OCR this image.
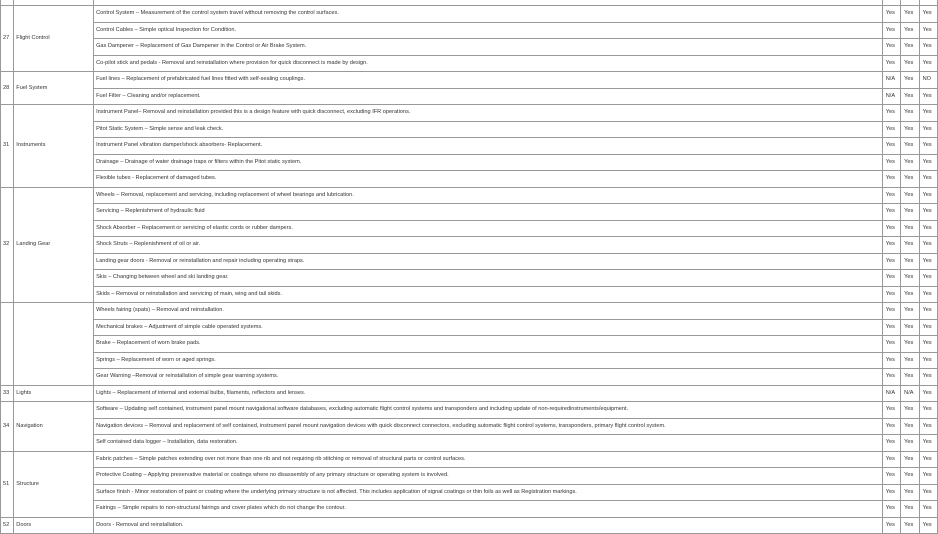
27	Flight Control	Control System – Measurement of the control system travel without removing the control surfaces.	Yes	Yes	Yes
		Control Cables – Simple optical Inspection for Condition.	Yes	Yes	Yes
		Gas Dampener – Replacement of Gas Dampener in the Control or Air Brake System.	Yes	Yes	Yes
		Co-pilot stick and pedals - Removal and reinstallation where provision for quick disconnect is made by design.	Yes	Yes	Yes
28	Fuel System	Fuel lines – Replacement of prefabricated fuel lines fitted with self-sealing couplings.	N/A	Yes	NO
		Fuel Filter – Cleaning and/or replacement.	N/A	Yes	Yes
31	Instruments	Instrument Panel– Removal and reinstallation provided this is a design feature with quick disconnect, excluding IFR operations.	Yes	Yes	Yes
		Pitot Static System – Simple sense and leak check.	Yes	Yes	Yes
		Instrument Panel vibration damper/shock absorbers- Replacement.	Yes	Yes	Yes
		Drainage – Drainage of water drainage traps or filters within the Pitot static system.	Yes	Yes	Yes
		Flexible tubes - Replacement of damaged tubes.	Yes	Yes	Yes
32	Landing Gear	Wheels – Removal, replacement and servicing, including replacement of wheel bearings and lubrication.	Yes	Yes	Yes
		Servicing – Replenishment of hydraulic fluid	Yes	Yes	Yes
		Shock Absorber – Replacement or servicing of elastic cords or rubber dampers.	Yes	Yes	Yes
		Shock Struts – Replenishment of oil or air.	Yes	Yes	Yes
		Landing gear doors - Removal or reinstallation and repair including operating straps.	Yes	Yes	Yes
		Skis – Changing between wheel and ski landing gear.	Yes	Yes	Yes
		Skids – Removal or reinstallation and servicing of main, wing and tail skids.	Yes	Yes	Yes
		Wheels fairing (spats) – Removal and reinstallation.	Yes	Yes	Yes
		Mechanical brakes – Adjustment of simple cable operated systems.	Yes	Yes	Yes
		Brake – Replacement of worn brake pads.	Yes	Yes	Yes
		Springs – Replacement of worn or aged springs.	Yes	Yes	Yes
		Gear Warning –Removal or reinstallation of simple gear warning systems.	Yes	Yes	Yes
33	Lights	Lights – Replacement of internal and external bulbs, filaments, reflectors and lenses.	N/A	N/A	Yes
34	Navigation	Software – Updating self contained, instrument panel mount navigational software databases, excluding automatic flight control systems and transponders and including update of non-requiredinstruments/equipment.	Yes	Yes	Yes
		Navigation devices – Removal and replacement of self contained, instrument panel mount navigation devices with quick disconnect connectors, excluding automatic flight control systems, transponders, primary flight control system.	Yes	Yes	Yes
		Self contained data logger – Installation, data restoration.	Yes	Yes	Yes
51	Structure	Fabric patches – Simple patches extending over not more than one rib and not requiring rib stitching or removal of structural parts or control surfaces.	Yes	Yes	Yes
		Protective Coating – Applying preservative material or coatings where no disassembly of any primary structure or operating system is involved.	Yes	Yes	Yes
		Surface finish - Minor restoration of paint or coating where the underlying primary structure is not affected. This includes application of signal coatings or thin foils as well as Registration markings.	Yes	Yes	Yes
		Fairings – Simple repairs to non-structural fairings and cover plates which do not change the contour.	Yes	Yes	Yes
52	Doors	Doors - Removal and reinstallation.	Yes	Yes	Yes
